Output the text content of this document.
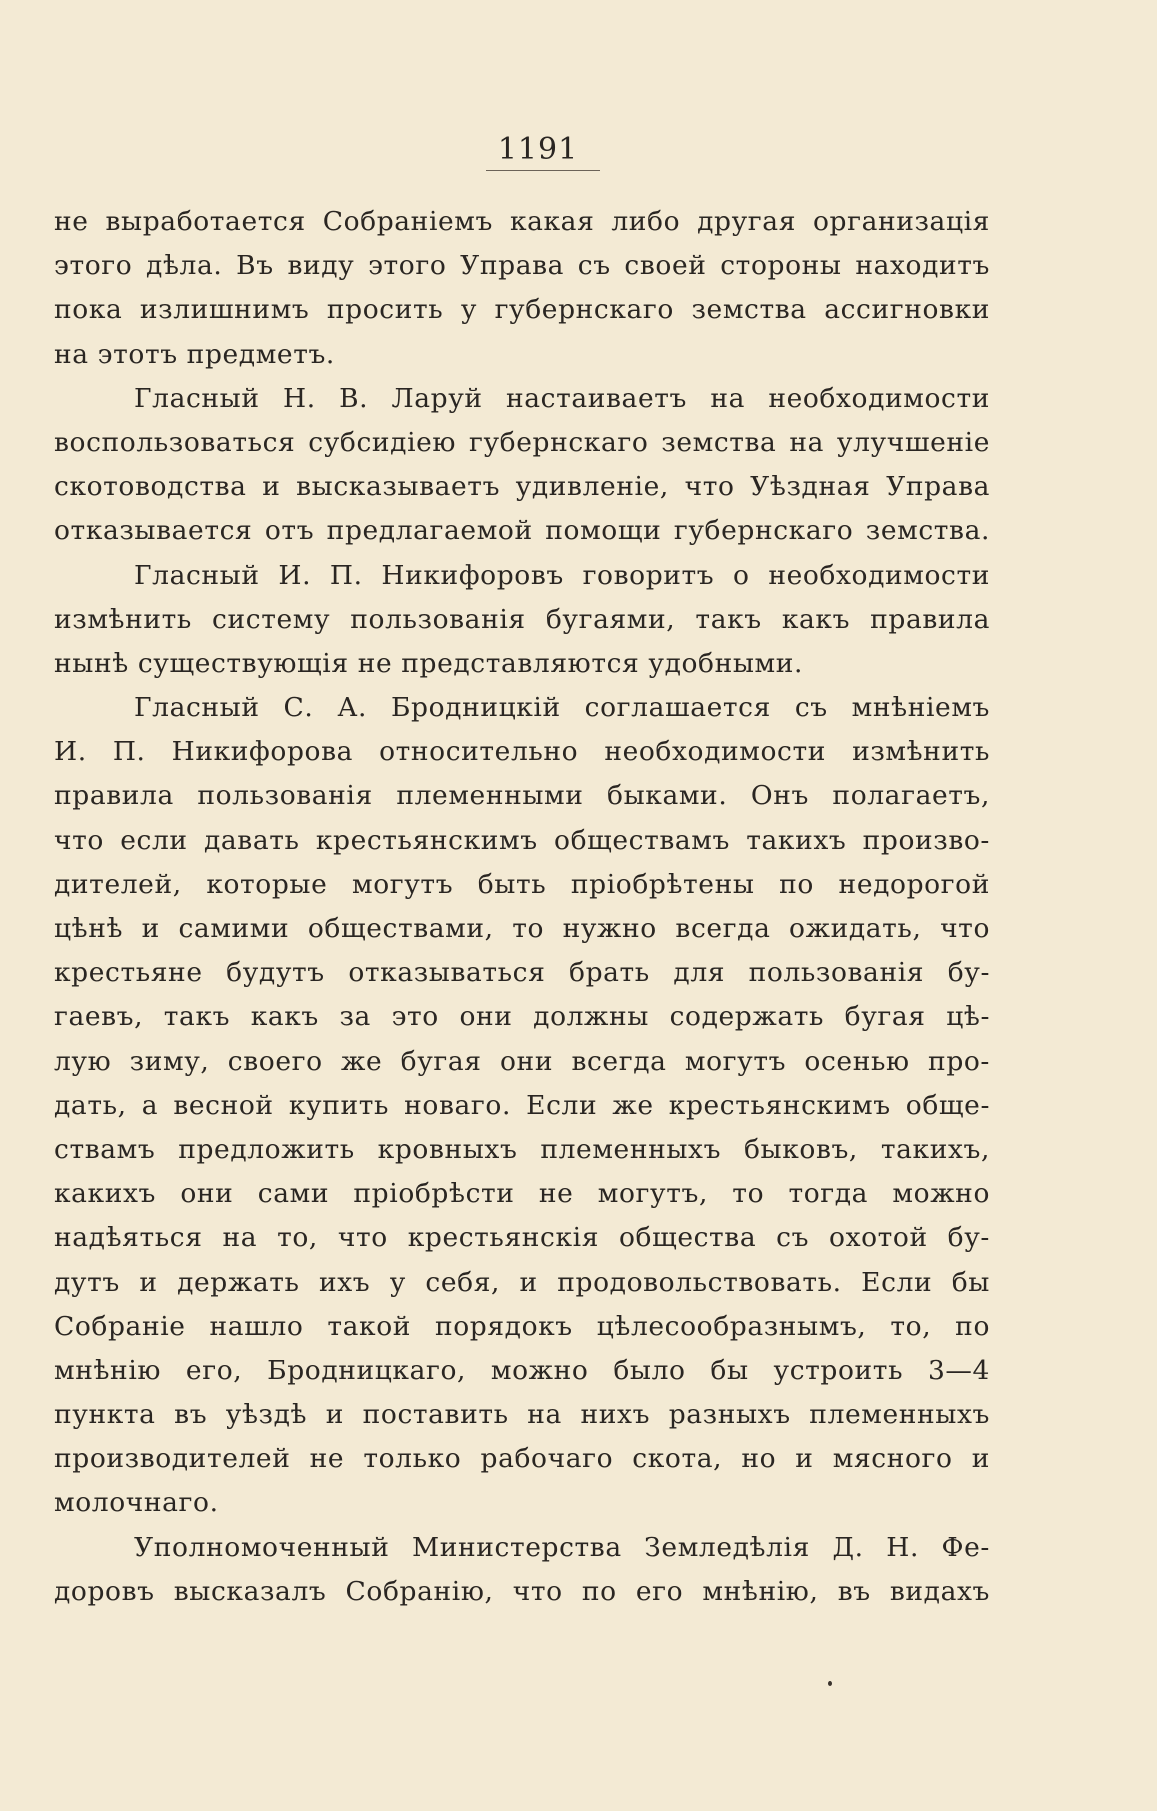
1191
не выработается Собраніемъ какая либо другая организація
этого дѣла. Въ виду этого Управа съ своей стороны находитъ
пока излишнимъ просить у губернскаго земства ассигновки
на этотъ предметъ.
Гласный Н. В. Ларуй настаиваетъ на необходимости
воспользоваться субсидіею губернскаго земства на улучшеніе
скотоводства и высказываетъ удивленіе, что Уѣздная Управа
отказывается отъ предлагаемой помощи губернскаго земства.
Гласный И. П. Никифоровъ говоритъ о необходимости
измѣнить систему пользованія бугаями, такъ какъ правила
нынѣ существующія не представляются удобными.
Гласный С. А. Бродницкій соглашается съ мнѣніемъ
И. П. Никифорова относительно необходимости измѣнить
правила пользованія племенными быками. Онъ полагаетъ,
что если давать крестьянскимъ обществамъ такихъ произво-
дителей, которые могутъ быть пріобрѣтены по недорогой
цѣнѣ и самими обществами, то нужно всегда ожидать, что
крестьяне будутъ отказываться брать для пользованія бу-
гаевъ, такъ какъ за это они должны содержать бугая цѣ-
лую зиму, своего же бугая они всегда могутъ осенью про-
дать, а весной купить новаго. Если же крестьянскимъ обще-
ствамъ предложить кровныхъ племенныхъ быковъ, такихъ,
какихъ они сами пріобрѣсти не могутъ, то тогда можно
надѣяться на то, что крестьянскія общества съ охотой бу-
дутъ и держать ихъ у себя, и продовольствовать. Если бы
Собраніе нашло такой порядокъ цѣлесообразнымъ, то, по
мнѣнію его, Бродницкаго, можно было бы устроить 3—4
пункта въ уѣздѣ и поставить на нихъ разныхъ племенныхъ
производителей не только рабочаго скота, но и мясного и
молочнаго.
Уполномоченный Министерства Земледѣлія Д. Н. Фе-
доровъ высказалъ Собранію, что по его мнѣнію, въ видахъ
